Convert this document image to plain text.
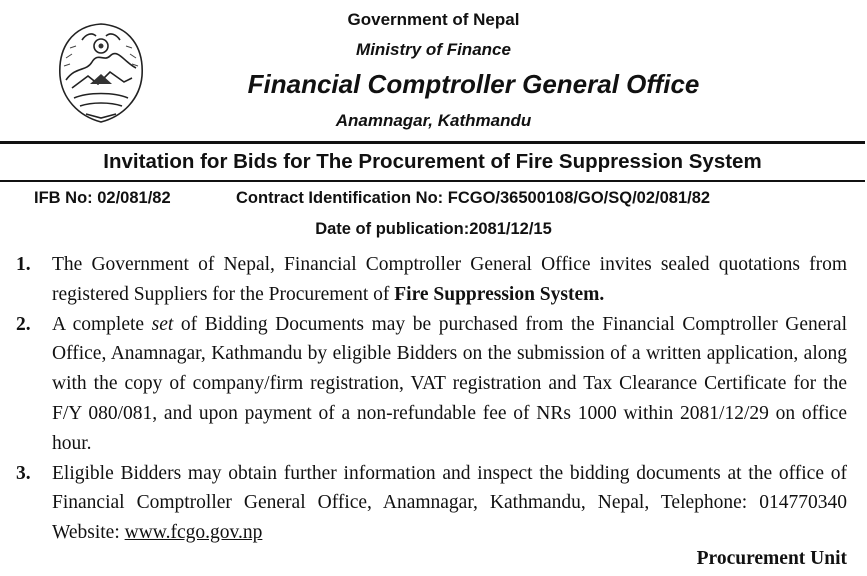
Government of Nepal
Ministry of Finance
Financial Comptroller General Office
Anamnagar, Kathmandu
Invitation for Bids for The Procurement of Fire Suppression System
IFB No: 02/081/82	Contract Identification No: FCGO/36500108/GO/SQ/02/081/82
Date of publication:2081/12/15
1. The Government of Nepal, Financial Comptroller General Office invites sealed quotations from registered Suppliers for the Procurement of Fire Suppression System.
2. A complete set of Bidding Documents may be purchased from the Financial Comptroller General Office, Anamnagar, Kathmandu by eligible Bidders on the submission of a written application, along with the copy of company/firm registration, VAT registration and Tax Clearance Certificate for the F/Y 080/081, and upon payment of a non-refundable fee of NRs 1000 within 2081/12/29 on office hour.
3. Eligible Bidders may obtain further information and inspect the bidding documents at the office of Financial Comptroller General Office, Anamnagar, Kathmandu, Nepal, Telephone: 014770340 Website: www.fcgo.gov.np
Procurement Unit
